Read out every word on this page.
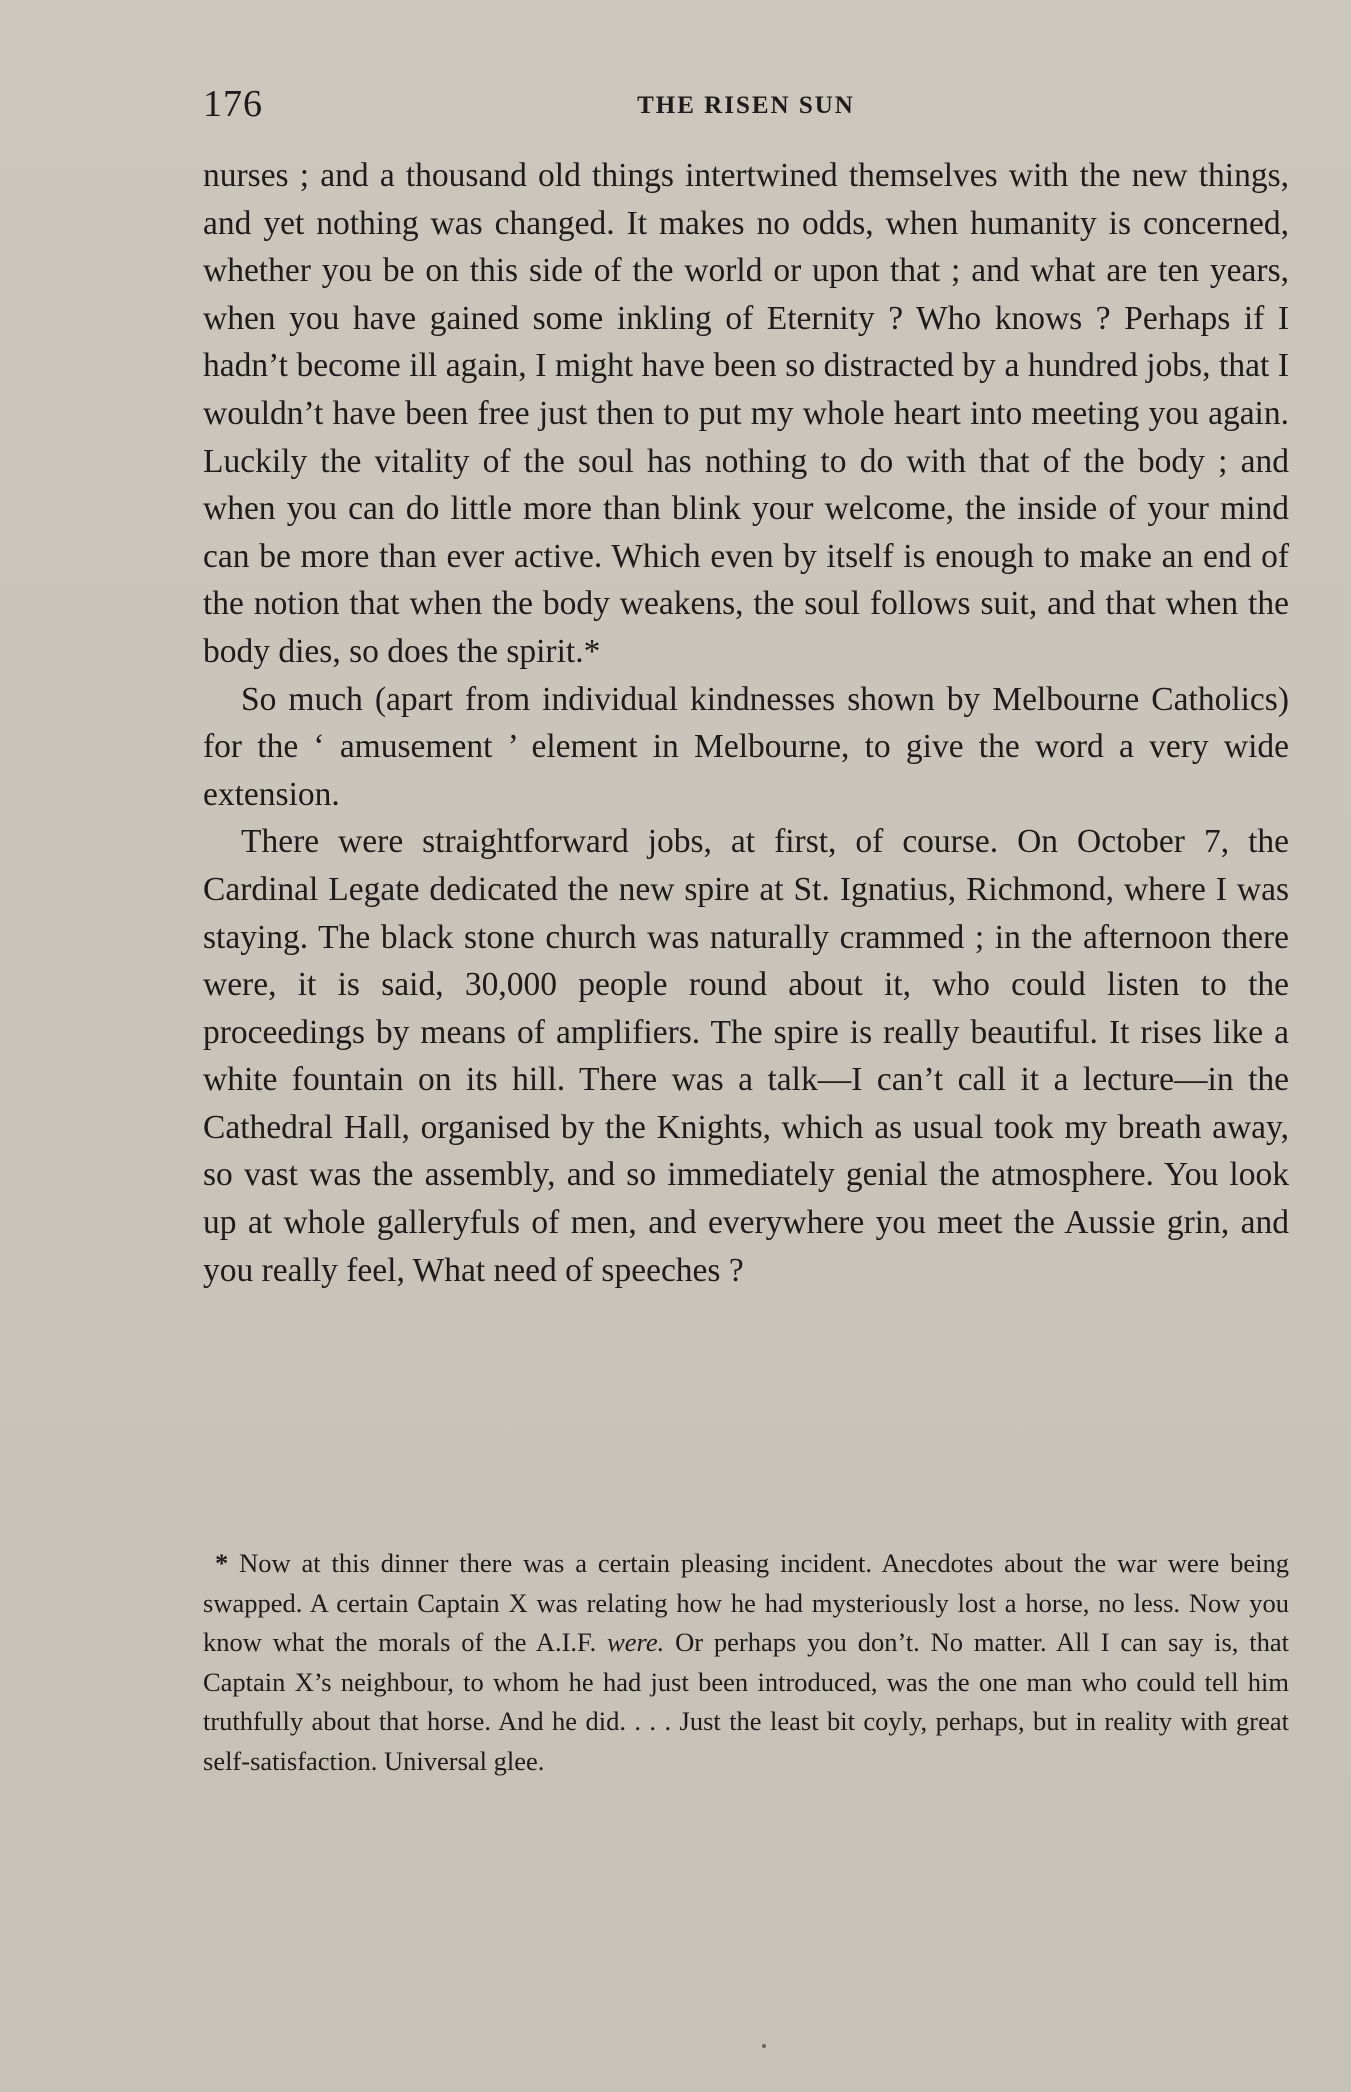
176	THE RISEN SUN

nurses ; and a thousand old things intertwined themselves with the new things, and yet nothing was changed. It makes no odds, when humanity is concerned, whether you be on this side of the world or upon that ; and what are ten years, when you have gained some inkling of Eternity ? Who knows ? Perhaps if I hadn’t become ill again, I might have been so distracted by a hundred jobs, that I wouldn’t have been free just then to put my whole heart into meeting you again. Luckily the vitality of the soul has nothing to do with that of the body ; and when you can do little more than blink your welcome, the inside of your mind can be more than ever active. Which even by itself is enough to make an end of the notion that when the body weakens, the soul follows suit, and that when the body dies, so does the spirit.*

So much (apart from individual kindnesses shown by Melbourne Catholics) for the ‘ amusement ’ element in Melbourne, to give the word a very wide extension.

There were straightforward jobs, at first, of course. On October 7, the Cardinal Legate dedicated the new spire at St. Ignatius, Richmond, where I was staying. The black stone church was naturally crammed ; in the afternoon there were, it is said, 30,000 people round about it, who could listen to the proceedings by means of amplifiers. The spire is really beautiful. It rises like a white fountain on its hill. There was a talk—I can’t call it a lecture—in the Cathedral Hall, organised by the Knights, which as usual took my breath away, so vast was the assembly, and so immediately genial the atmosphere. You look up at whole galleryfuls of men, and everywhere you meet the Aussie grin, and you really feel, What need of speeches ?

* Now at this dinner there was a certain pleasing incident. Anecdotes about the war were being swapped. A certain Captain X was relating how he had mysteriously lost a horse, no less. Now you know what the morals of the A.I.F. were. Or perhaps you don’t. No matter. All I can say is, that Captain X’s neighbour, to whom he had just been introduced, was the one man who could tell him truthfully about that horse. And he did. . . . Just the least bit coyly, perhaps, but in reality with great self-satisfaction. Universal glee.
